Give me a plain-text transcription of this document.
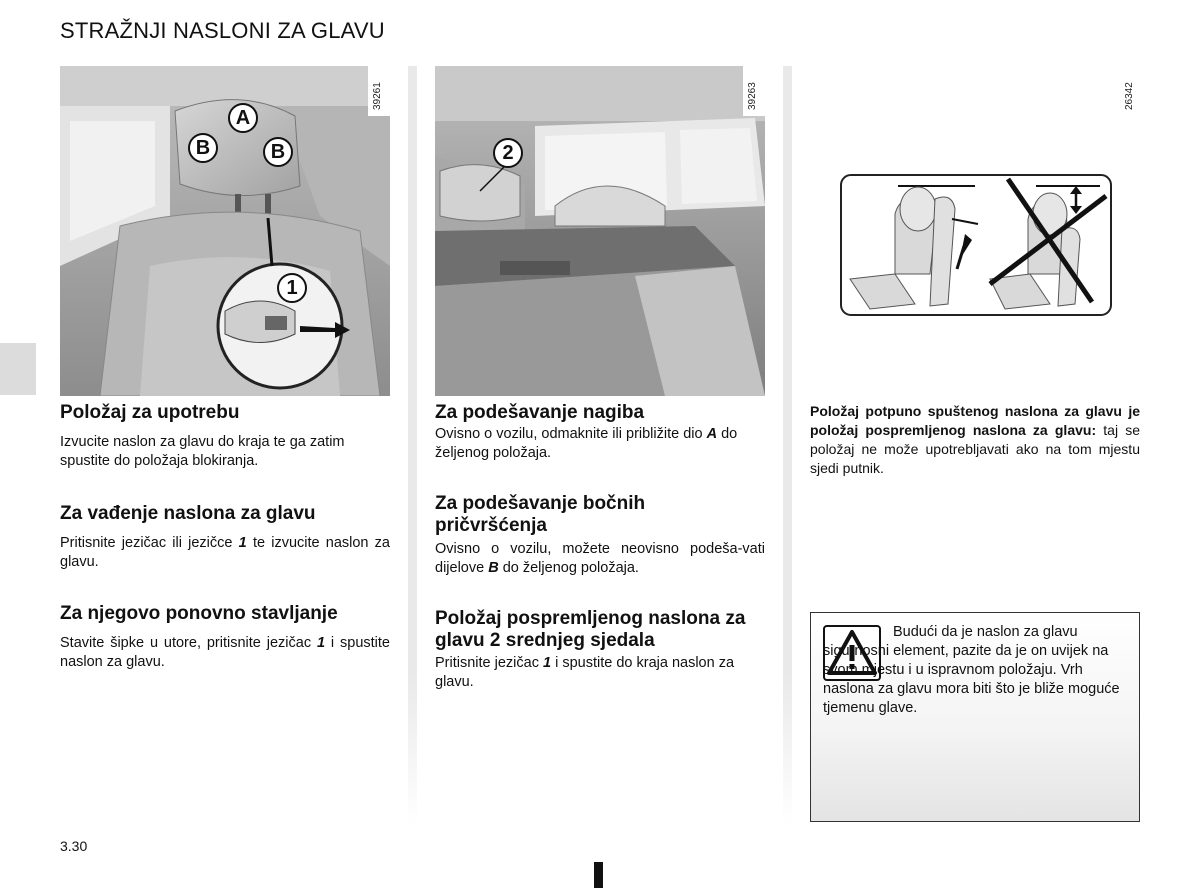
STRAŽNJI NASLONI ZA GLAVU
A
B	B
1
39261
2
39263	26342
Položaj za upotrebu
Izvucite naslon za glavu do kraja te ga zatim spustite do položaja blokiranja.
Za vađenje naslona za glavu
Pritisnite jezičac ili jezičce 1 te izvucite naslon za glavu.
Za njegovo ponovno stavljanje
Stavite šipke u utore, pritisnite jezičac 1 i spustite naslon za glavu.
Za podešavanje nagiba
Ovisno o vozilu, odmaknite ili približite dio A do željenog položaja.
Za podešavanje bočnih pričvršćenja
Ovisno o vozilu, možete neovisno podeša-vati dijelove B do željenog položaja.
Položaj pospremljenog naslona za glavu 2 srednjeg sjedala
Pritisnite jezičac 1 i spustite do kraja naslon za glavu.
Položaj potpuno spuštenog naslona za glavu je položaj pospremljenog naslona za glavu: taj se položaj ne može upotrebljavati ako na tom mjestu sjedi putnik.
Budući da je naslon za glavu sigurnosni element, pazite da je on uvijek na svom mjestu i u ispravnom položaju. Vrh naslona za glavu mora biti što je bliže moguće tjemenu glave.
3.30
